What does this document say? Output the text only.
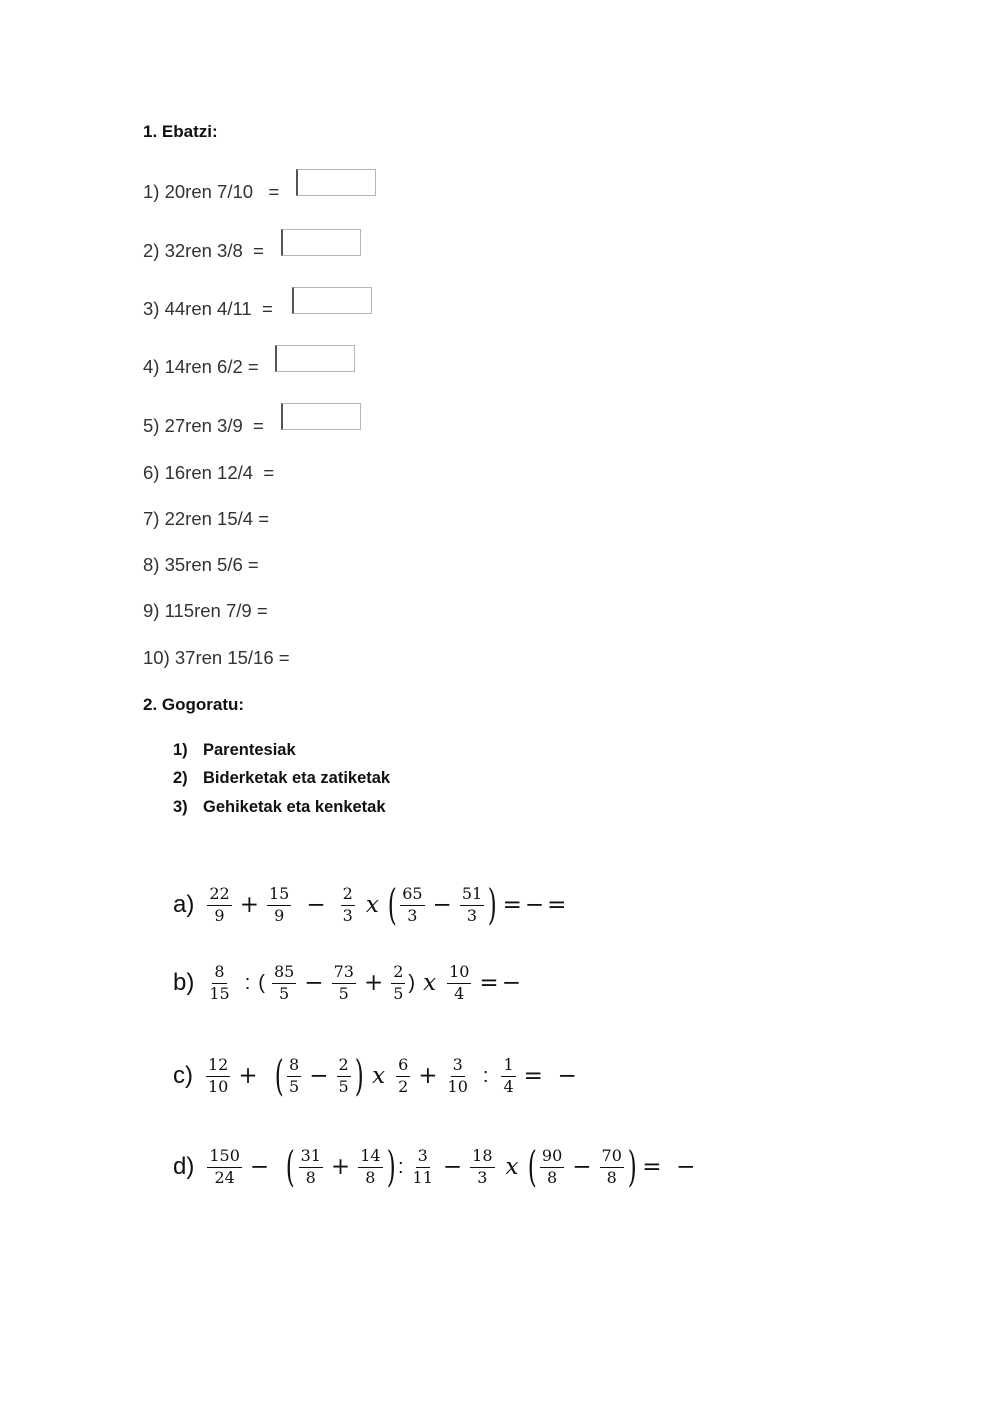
1. Ebatzi:
1) 20ren 7/10   =
2) 32ren 3/8  =
3) 44ren 4/11  =
4) 14ren 6/2 =
5) 27ren 3/9  =
6) 16ren 12/4  =
7) 22ren 15/4 =
8) 35ren 5/6 =
9) 115ren 7/9 =
10) 37ren 15/16 =
2. Gogoratu:
1) Parentesiak
2) Biderketak eta zatiketak
3) Gehiketak eta kenketak
$a) \frac{22}{9} + \frac{15}{9} - \frac{2}{3}$ x ( $\frac{65}{3} - \frac{51}{3}$ ) =−=
$b) \frac{8}{15}$ : ( $\frac{85}{5} - \frac{73}{5} + \frac{2}{5}$ ) x $\frac{10}{4}$ =−
$c) \frac{12}{10}$ + ( $\frac{8}{5} - \frac{2}{5}$ ) x $\frac{6}{2} + \frac{3}{10}$ : $\frac{1}{4}$ =  −
$d) \frac{150}{24}$ − ( $\frac{31}{8} + \frac{14}{8}$ ) : $\frac{3}{11} - \frac{18}{3}$ x ( $\frac{90}{8} - \frac{70}{8}$ ) =  −
